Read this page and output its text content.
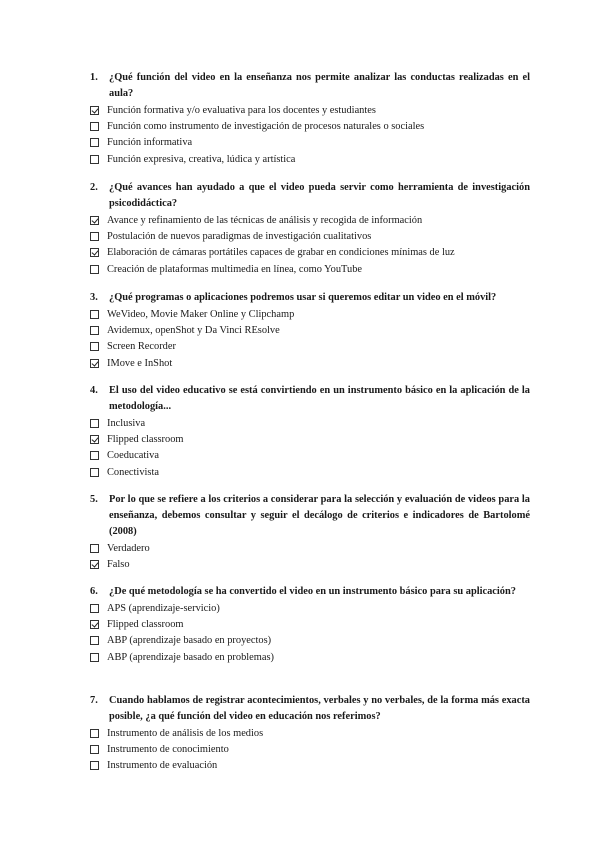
1.	¿Qué función del video en la enseñanza nos permite analizar las conductas realizadas en el aula?
Función formativa y/o evaluativa para los docentes y estudiantes
Función como instrumento de investigación de procesos naturales o sociales
Función informativa
Función expresiva, creativa, lúdica y artística
2.	¿Qué avances han ayudado a que el video pueda servir como herramienta de investigación psicodidáctica?
Avance y refinamiento de las técnicas de análisis y recogida de información
Postulación de nuevos paradigmas de investigación cualitativos
Elaboración de cámaras portátiles capaces de grabar en condiciones mínimas de luz
Creación de plataformas multimedia en línea, como YouTube
3.	¿Qué programas o aplicaciones podremos usar si queremos editar un video en el móvil?
WeVideo, Movie Maker Online y Clipchamp
Avidemux, openShot y Da Vinci REsolve
Screen Recorder
IMove e InShot
4.	El uso del video educativo se está convirtiendo en un instrumento básico en la aplicación de la metodología...
Inclusiva
Flipped classroom
Coeducativa
Conectivista
5.	Por lo que se refiere a los criterios a considerar para la selección y evaluación de videos para la enseñanza, debemos consultar y seguir el decálogo de criterios e indicadores de Bartolomé (2008)
Verdadero
Falso
6.	¿De qué metodología se ha convertido el video en un instrumento básico para su aplicación?
APS (aprendizaje-servicio)
Flipped classroom
ABP (aprendizaje basado en proyectos)
ABP (aprendizaje basado en problemas)
7.	Cuando hablamos de registrar acontecimientos, verbales y no verbales, de la forma más exacta posible, ¿a qué función del video en educación nos referimos?
Instrumento de análisis de los medios
Instrumento de conocimiento
Instrumento de evaluación
